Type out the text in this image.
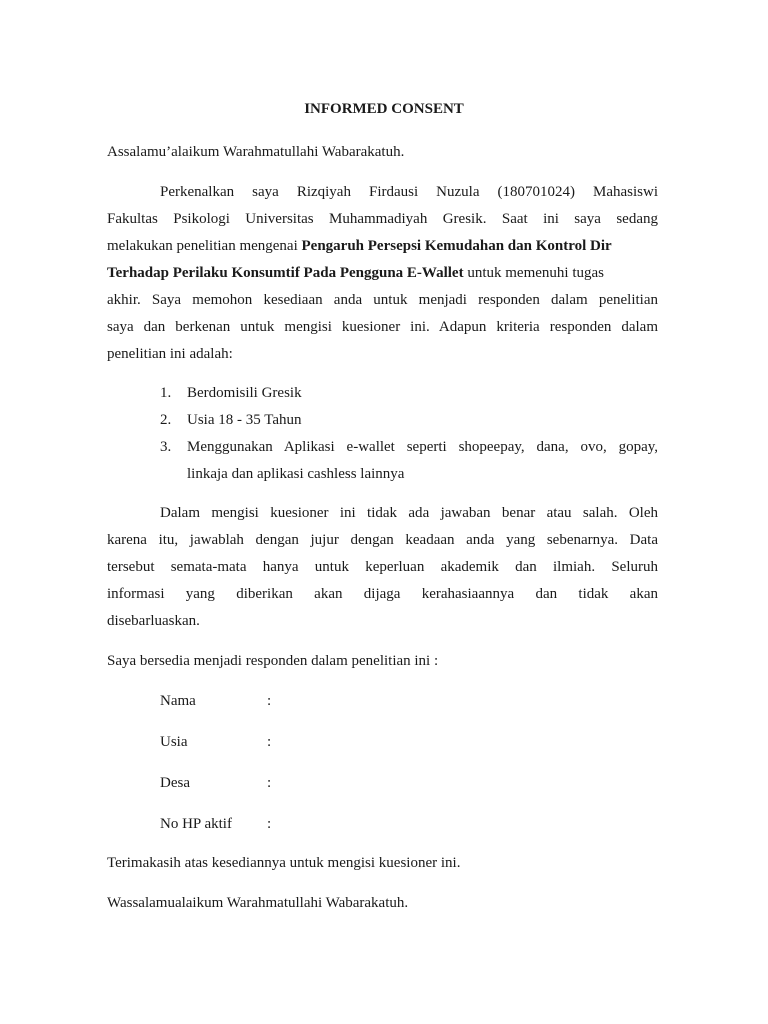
INFORMED CONSENT
Assalamu’alaikum Warahmatullahi Wabarakatuh.
Perkenalkan saya Rizqiyah Firdausi Nuzula (180701024) Mahasiswi
Fakultas Psikologi Universitas Muhammadiyah Gresik. Saat ini saya sedang
melakukan penelitian mengenai Pengaruh Persepsi Kemudahan dan Kontrol Dir
Terhadap Perilaku Konsumtif Pada Pengguna E-Wallet untuk memenuhi tugas
akhir. Saya memohon kesediaan anda untuk menjadi responden dalam penelitian
saya dan berkenan untuk mengisi kuesioner ini. Adapun kriteria responden dalam
penelitian ini adalah:
1. Berdomisili Gresik
2. Usia 18 - 35 Tahun
3. Menggunakan Aplikasi e-wallet seperti shopeepay, dana, ovo, gopay,
linkaja dan aplikasi cashless lainnya
Dalam mengisi kuesioner ini tidak ada jawaban benar atau salah. Oleh
karena itu, jawablah dengan jujur dengan keadaan anda yang sebenarnya. Data
tersebut semata-mata hanya untuk keperluan akademik dan ilmiah. Seluruh
informasi yang diberikan akan dijaga kerahasiaannya dan tidak akan
disebarluaskan.
Saya bersedia menjadi responden dalam penelitian ini :
Nama	:
Usia	:
Desa	:
No HP aktif :
Terimakasih atas kesediannya untuk mengisi kuesioner ini.
Wassalamualaikum Warahmatullahi Wabarakatuh.
